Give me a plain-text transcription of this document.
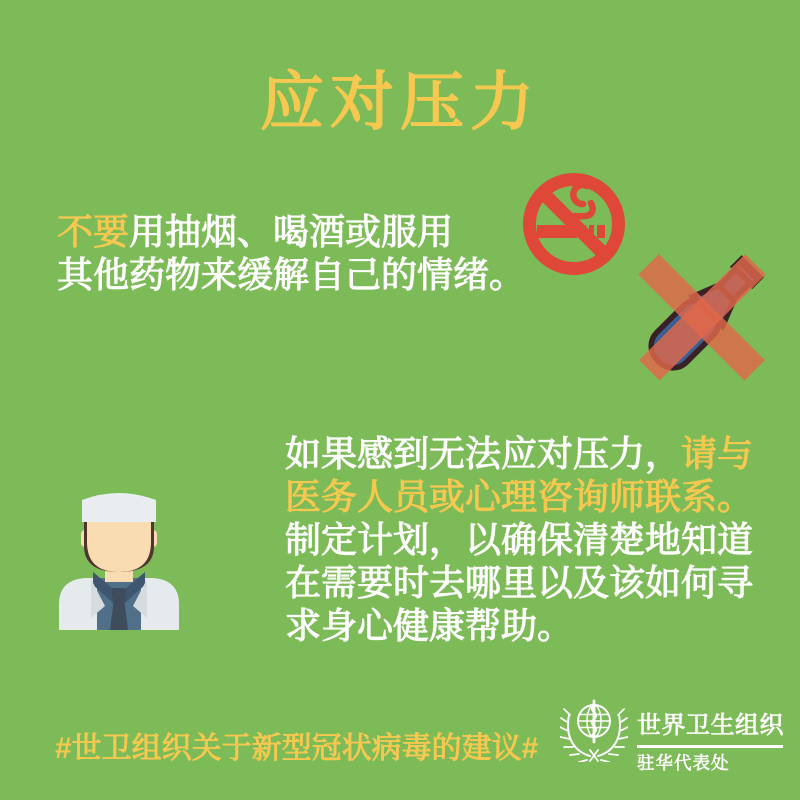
应对压力
不要用抽烟、喝酒或服用
其他药物来缓解自己的情绪。
如果感到无法应对压力，请与
医务人员或心理咨询师联系。
制定计划，以确保清楚地知道
在需要时去哪里以及该如何寻
求身心健康帮助。
#世卫组织关于新型冠状病毒的建议#
世界卫生组织
驻华代表处
